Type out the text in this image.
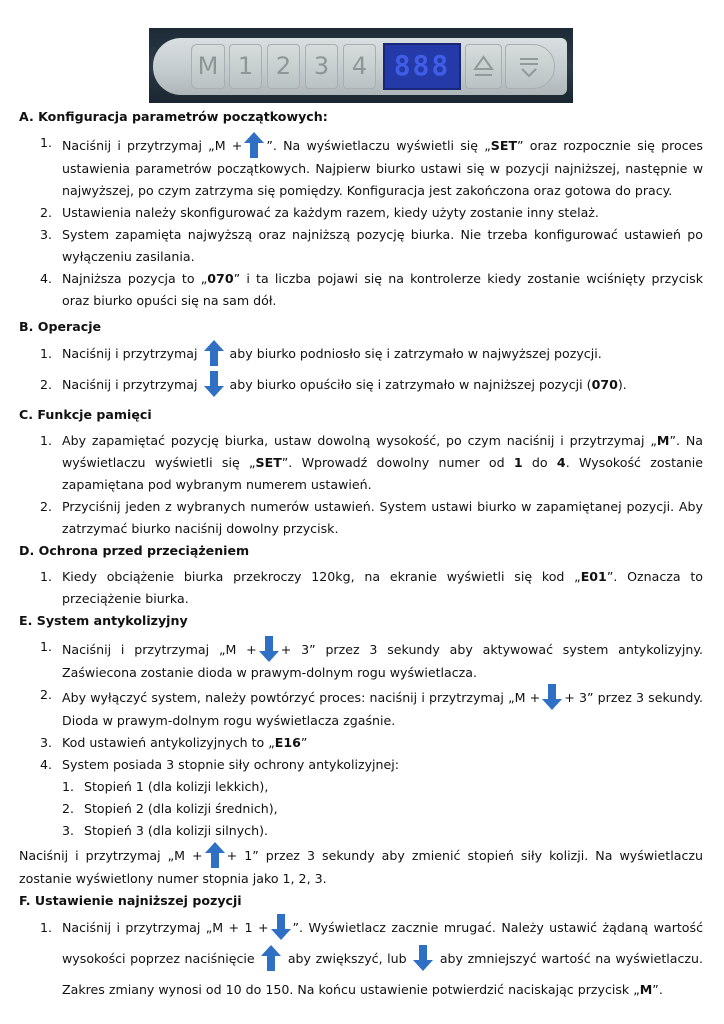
M 1 2 3 4 888
A. Konfiguracja parametrów początkowych:
1. Naciśnij i przytrzymaj „M + ”. Na wyświetlaczu wyświetli się „SET” oraz rozpocznie się proces ustawienia parametrów początkowych. Najpierw biurko ustawi się w pozycji najniższej, następnie w najwyższej, po czym zatrzyma się pomiędzy. Konfiguracja jest zakończona oraz gotowa do pracy.
2. Ustawienia należy skonfigurować za każdym razem, kiedy użyty zostanie inny stelaż.
3. System zapamięta najwyższą oraz najniższą pozycję biurka. Nie trzeba konfigurować ustawień po wyłączeniu zasilania.
4. Najniższa pozycja to „070” i ta liczba pojawi się na kontrolerze kiedy zostanie wciśnięty przycisk oraz biurko opuści się na sam dół.
B. Operacje
1. Naciśnij i przytrzymaj	aby biurko podniosło się i zatrzymało w najwyższej pozycji.
2. Naciśnij i przytrzymaj	aby biurko opuściło się i zatrzymało w najniższej pozycji (070).
C. Funkcje pamięci
1. Aby zapamiętać pozycję biurka, ustaw dowolną wysokość, po czym naciśnij i przytrzymaj „M”. Na wyświetlaczu wyświetli się „SET”. Wprowadź dowolny numer od 1 do 4. Wysokość zostanie zapamiętana pod wybranym numerem ustawień.
2. Przyciśnij jeden z wybranych numerów ustawień. System ustawi biurko w zapamiętanej pozycji. Aby zatrzymać biurko naciśnij dowolny przycisk.
D. Ochrona przed przeciążeniem
1. Kiedy obciążenie biurka przekroczy 120kg, na ekranie wyświetli się kod „E01”. Oznacza to przeciążenie biurka.
E. System antykolizyjny
1. Naciśnij i przytrzymaj „M + + 3” przez 3 sekundy aby aktywować system antykolizyjny. Zaświecona zostanie dioda w prawym-dolnym rogu wyświetlacza.
2. Aby wyłączyć system, należy powtórzyć proces: naciśnij i przytrzymaj „M + + 3” przez 3 sekundy. Dioda w prawym-dolnym rogu wyświetlacza zgaśnie.
3. Kod ustawień antykolizyjnych to „E16”
4. System posiada 3 stopnie siły ochrony antykolizyjnej:
1. Stopień 1 (dla kolizji lekkich),
2. Stopień 2 (dla kolizji średnich),
3. Stopień 3 (dla kolizji silnych).
Naciśnij i przytrzymaj „M + + 1” przez 3 sekundy aby zmienić stopień siły kolizji. Na wyświetlaczu zostanie wyświetlony numer stopnia jako 1, 2, 3.
F. Ustawienie najniższej pozycji
1. Naciśnij i przytrzymaj „M + 1 + ”. Wyświetlacz zacznie mrugać. Należy ustawić żądaną wartość wysokości poprzez naciśnięcie	aby zwiększyć, lub	aby zmniejszyć wartość na wyświetlaczu. Zakres zmiany wynosi od 10 do 150. Na końcu ustawienie potwierdzić naciskając przycisk „M”.
